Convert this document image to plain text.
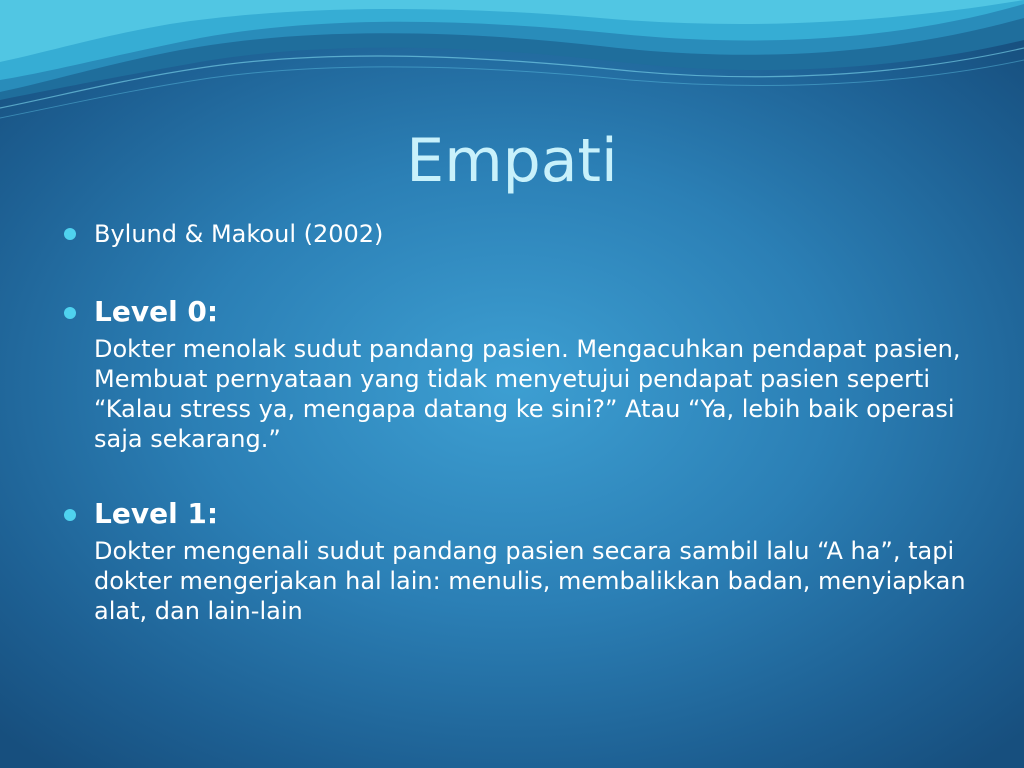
Empati
Bylund & Makoul (2002)
Level 0:
Dokter menolak sudut pandang pasien. Mengacuhkan pendapat pasien, Membuat pernyataan yang tidak menyetujui pendapat pasien seperti “Kalau stress ya, mengapa datang ke sini?” Atau “Ya, lebih baik operasi saja sekarang.”
Level 1:
Dokter mengenali sudut pandang pasien secara sambil lalu “A ha”, tapi dokter mengerjakan hal lain: menulis, membalikkan badan, menyiapkan alat, dan lain-lain
